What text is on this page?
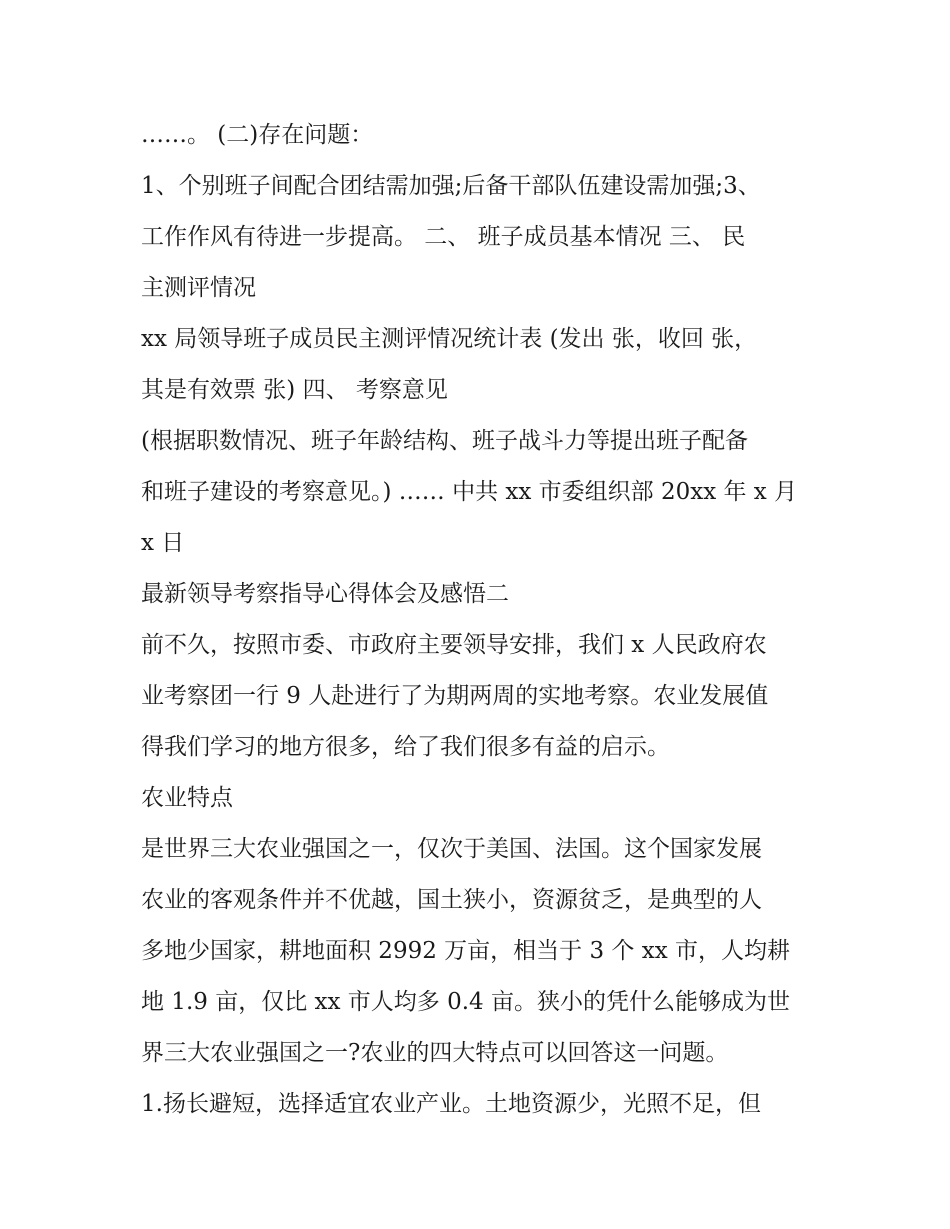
……。 (二)存在问题：
1、个别班子间配合团结需加强;后备干部队伍建设需加强;3、
工作作风有待进一步提高。 二、 班子成员基本情况 三、 民
主测评情况
xx 局领导班子成员民主测评情况统计表 (发出 张，收回 张，
其是有效票 张) 四、 考察意见
(根据职数情况、班子年龄结构、班子战斗力等提出班子配备
和班子建设的考察意见。) …… 中共 xx 市委组织部 20xx 年 x 月
x 日
最新领导考察指导心得体会及感悟二
前不久，按照市委、市政府主要领导安排，我们 x 人民政府农
业考察团一行 9 人赴进行了为期两周的实地考察。农业发展值
得我们学习的地方很多，给了我们很多有益的启示。
农业特点
是世界三大农业强国之一，仅次于美国、法国。这个国家发展
农业的客观条件并不优越，国土狭小，资源贫乏，是典型的人
多地少国家，耕地面积 2992 万亩，相当于 3 个 xx 市，人均耕
地 1.9 亩，仅比 xx 市人均多 0.4 亩。狭小的凭什么能够成为世
界三大农业强国之一?农业的四大特点可以回答这一问题。
1.扬长避短，选择适宜农业产业。土地资源少，光照不足，但
